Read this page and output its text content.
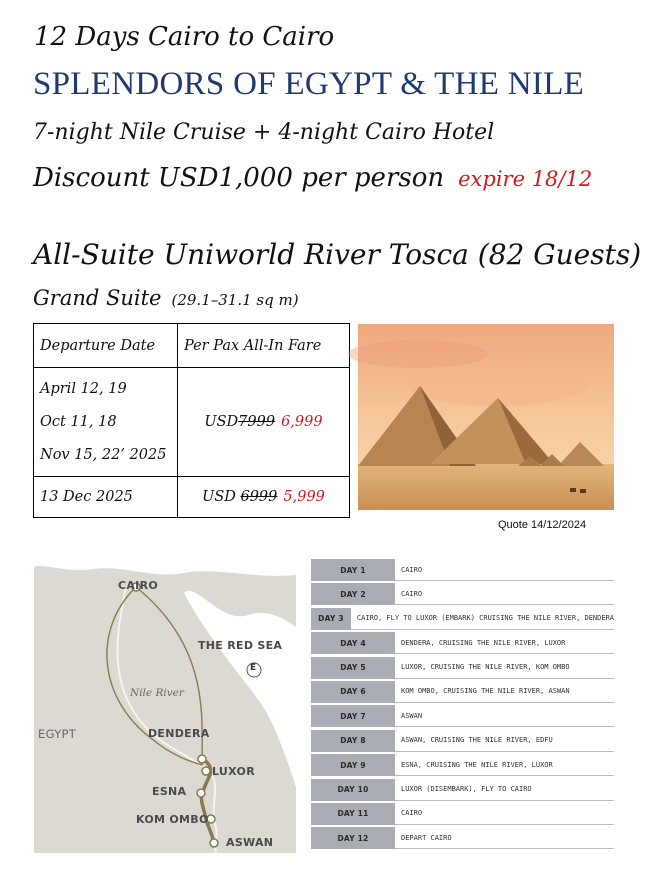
12 Days Cairo to Cairo
SPLENDORS OF EGYPT & THE NILE
7-night Nile Cruise + 4-night Cairo Hotel
Discount USD1,000 per person expire 18/12
All-Suite Uniworld River Tosca (82 Guests)
Grand Suite (29.1–31.1 sq m)
Departure Date	Per Pax All-In Fare

April 12, 19
Oct 11, 18
Nov 15, 22’ 2025	USD7999 6,999
13 Dec 2025	USD 6999 5,999
Quote 14/12/2024
CAIRO
THE RED SEA
E
Nile River
EGYPT	DENDERA
LUXOR
ESNA
KOM OMBO
ASWAN
DAY 1	CAIRO
DAY 2	CAIRO
DAY 3	CAIRO, FLY TO LUXOR (EMBARK) CRUISING THE NILE RIVER, DENDERA
DAY 4	DENDERA, CRUISING THE NILE RIVER, LUXOR
DAY 5	LUXOR, CRUISING THE NILE RIVER, KOM OMBO
DAY 6	KOM OMBO, CRUISING THE NILE RIVER, ASWAN
DAY 7	ASWAN
DAY 8	ASWAN, CRUISING THE NILE RIVER, EDFU
DAY 9	ESNA, CRUISING THE NILE RIVER, LUXOR
DAY 10	LUXOR (DISEMBARK), FLY TO CAIRO
DAY 11	CAIRO
DAY 12	DEPART CAIRO
